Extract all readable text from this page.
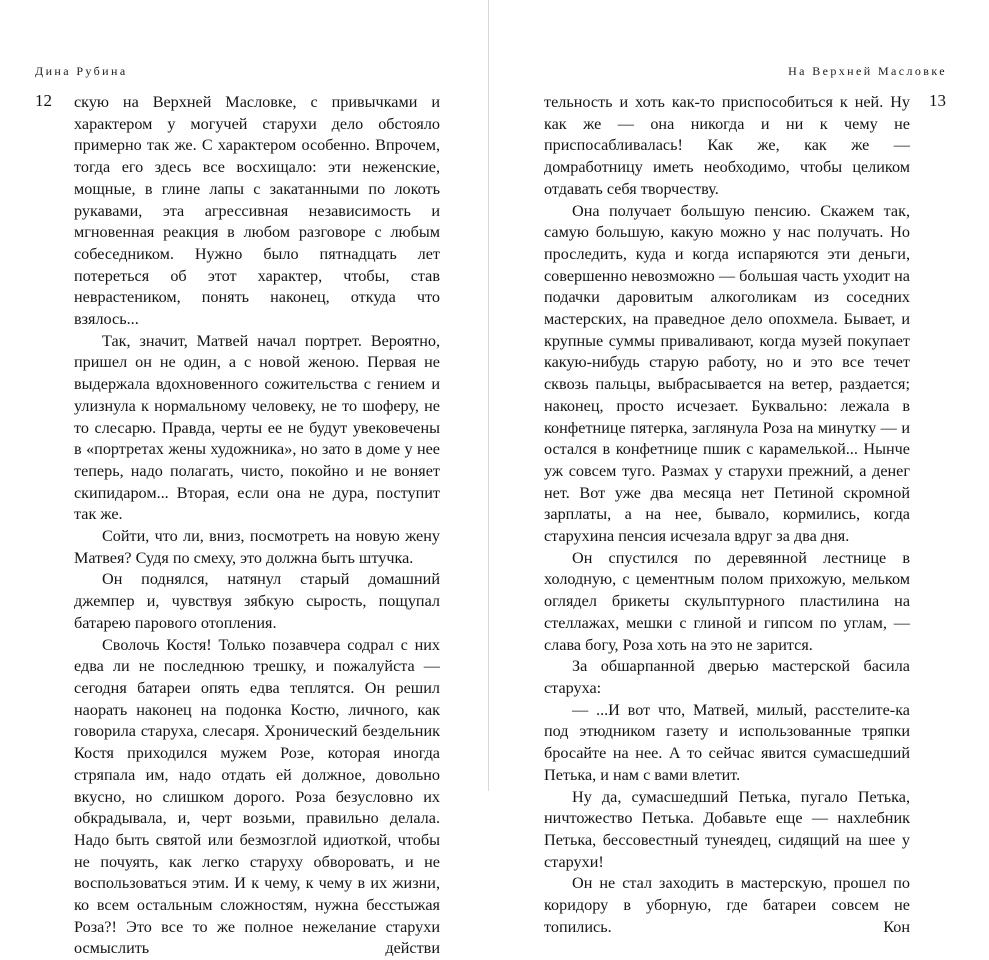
Дина Рубина
12 скую на Верхней Масловке, с привычками и характером у могучей старухи дело обстояло примерно так же. С характером особенно. Впрочем, тогда его здесь все восхищало: эти неженские, мощные, в глине лапы с закатанными по локоть рукавами, эта агрессивная независимость и мгновенная реакция в любом разговоре с любым собеседником. Нужно было пятнадцать лет потереться об этот характер, чтобы, став неврастеником, понять наконец, откуда что взялось...

Так, значит, Матвей начал портрет. Вероятно, пришел он не один, а с новой женою. Первая не выдержала вдохновенного сожительства с гением и улизнула к нормальному человеку, не то шоферу, не то слесарю. Правда, черты ее не будут увековечены в «портретах жены художника», но зато в доме у нее теперь, надо полагать, чисто, покойно и не воняет скипидаром... Вторая, если она не дура, поступит так же.

Сойти, что ли, вниз, посмотреть на новую жену Матвея? Судя по смеху, это должна быть штучка.

Он поднялся, натянул старый домашний джемпер и, чувствуя зябкую сырость, пощупал батарею парового отопления.

Сволочь Костя! Только позавчера содрал с них едва ли не последнюю трешку, и пожалуйста — сегодня батареи опять едва теплятся. Он решил наорать наконец на подонка Костю, личного, как говорила старуха, слесаря. Хронический бездельник Костя приходился мужем Розе, которая иногда стряпала им, надо отдать ей должное, довольно вкусно, но слишком дорого. Роза безусловно их обкрадывала, и, черт возьми, правильно делала. Надо быть святой или безмозглой идиоткой, чтобы не почуять, как легко старуху обворовать, и не воспользоваться этим. И к чему, к чему в их жизни, ко всем остальным сложностям, нужна бесстыжая Роза?! Это все то же полное нежелание старухи осмыслить действи

На Верхней Масловке
13

тельность и хоть как-то приспособиться к ней. Ну как же — она никогда и ни к чему не приспосабливалась! Как же, как же — домработницу иметь необходимо, чтобы целиком отдавать себя творчеству.

Она получает большую пенсию. Скажем так, самую большую, какую можно у нас получать. Но проследить, куда и когда испаряются эти деньги, совершенно невозможно — большая часть уходит на подачки даровитым алкоголикам из соседних мастерских, на праведное дело опохмела. Бывает, и крупные суммы приваливают, когда музей покупает какую-нибудь старую работу, но и это все течет сквозь пальцы, выбрасывается на ветер, раздается; наконец, просто исчезает. Буквально: лежала в конфетнице пятерка, заглянула Роза на минутку — и остался в конфетнице пшик с карамелькой... Нынче уж совсем туго. Размах у старухи прежний, а денег нет. Вот уже два месяца нет Петиной скромной зарплаты, а на нее, бывало, кормились, когда старухина пенсия исчезала вдруг за два дня.

Он спустился по деревянной лестнице в холодную, с цементным полом прихожую, мельком оглядел брикеты скульптурного пластилина на стеллажах, мешки с глиной и гипсом по углам, — слава богу, Роза хоть на это не зарится.

За обшарпанной дверью мастерской басила старуха:

— ...И вот что, Матвей, милый, расстелите-ка под этюдником газету и использованные тряпки бросайте на нее. А то сейчас явится сумасшедший Петька, и нам с вами влетит.

Ну да, сумасшедший Петька, пугало Петька, ничтожество Петька. Добавьте еще — нахлебник Петька, бессовестный тунеядец, сидящий на шее у старухи!

Он не стал заходить в мастерскую, прошел по коридору в уборную, где батареи совсем не топились. Кон
